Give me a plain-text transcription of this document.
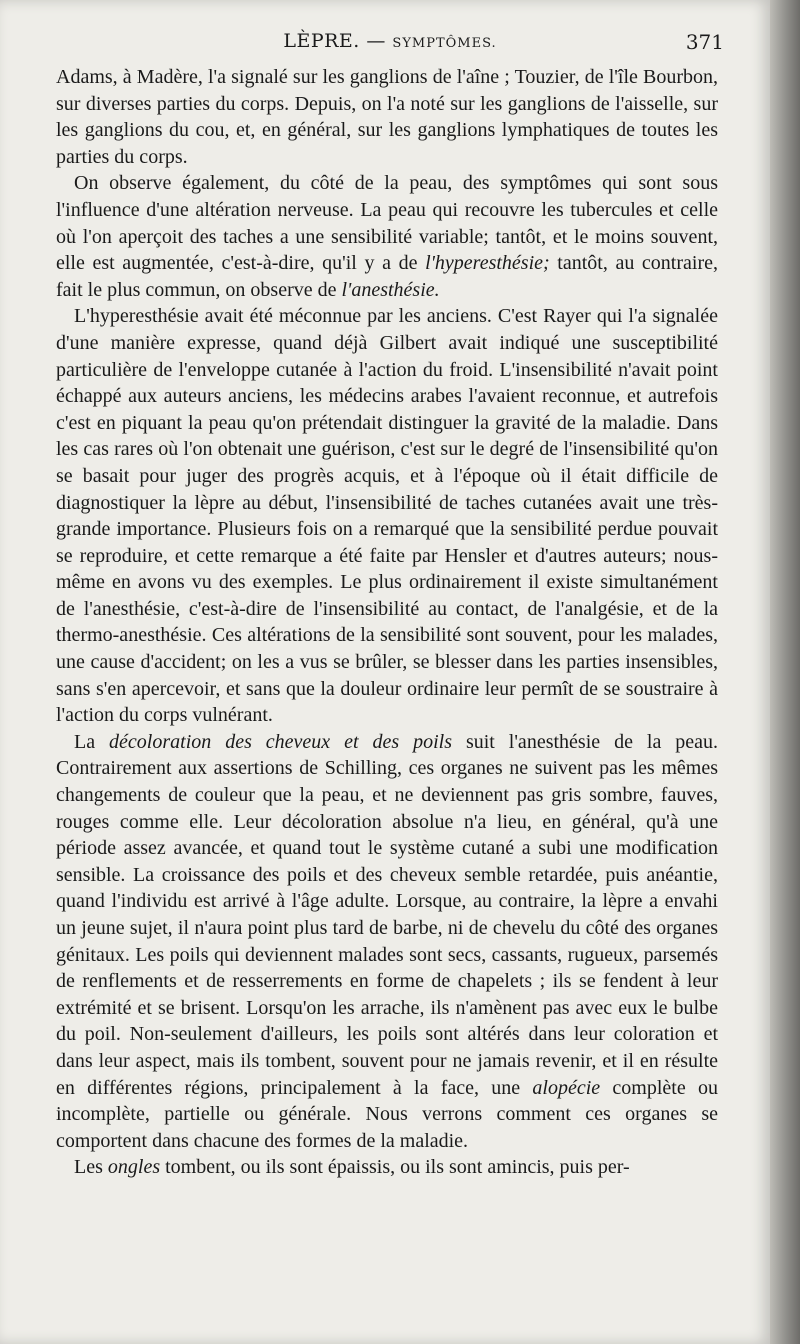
LÈPRE. — SYMPTÔMES.	371

Adams, à Madère, l'a signalé sur les ganglions de l'aîne ; Touzier, de l'île Bourbon, sur diverses parties du corps. Depuis, on l'a noté sur les ganglions de l'aisselle, sur les ganglions du cou, et, en général, sur les ganglions lymphatiques de toutes les parties du corps.

On observe également, du côté de la peau, des symptômes qui sont sous l'influence d'une altération nerveuse. La peau qui recouvre les tubercules et celle où l'on aperçoit des taches a une sensibilité variable; tantôt, et le moins souvent, elle est augmentée, c'est-à-dire, qu'il y a de l'hyperesthésie; tantôt, au contraire, fait le plus commun, on observe de l'anesthésie.

L'hyperesthésie avait été méconnue par les anciens. C'est Rayer qui l'a signalée d'une manière expresse, quand déjà Gilbert avait indiqué une susceptibilité particulière de l'enveloppe cutanée à l'action du froid. L'insensibilité n'avait point échappé aux auteurs anciens, les médecins arabes l'avaient reconnue, et autrefois c'est en piquant la peau qu'on prétendait distinguer la gravité de la maladie. Dans les cas rares où l'on obtenait une guérison, c'est sur le degré de l'insensibilité qu'on se basait pour juger des progrès acquis, et à l'époque où il était difficile de diagnostiquer la lèpre au début, l'insensibilité de taches cutanées avait une très-grande importance. Plusieurs fois on a remarqué que la sensibilité perdue pouvait se reproduire, et cette remarque a été faite par Hensler et d'autres auteurs; nous-même en avons vu des exemples. Le plus ordinairement il existe simultanément de l'anesthésie, c'est-à-dire de l'insensibilité au contact, de l'analgésie, et de la thermo-anesthésie. Ces altérations de la sensibilité sont souvent, pour les malades, une cause d'accident; on les a vus se brûler, se blesser dans les parties insensibles, sans s'en apercevoir, et sans que la douleur ordinaire leur permît de se soustraire à l'action du corps vulnérant.

La décoloration des cheveux et des poils suit l'anesthésie de la peau. Contrairement aux assertions de Schilling, ces organes ne suivent pas les mêmes changements de couleur que la peau, et ne deviennent pas gris sombre, fauves, rouges comme elle. Leur décoloration absolue n'a lieu, en général, qu'à une période assez avancée, et quand tout le système cutané a subi une modification sensible. La croissance des poils et des cheveux semble retardée, puis anéantie, quand l'individu est arrivé à l'âge adulte. Lorsque, au contraire, la lèpre a envahi un jeune sujet, il n'aura point plus tard de barbe, ni de chevelu du côté des organes génitaux. Les poils qui deviennent malades sont secs, cassants, rugueux, parsemés de renflements et de resserrements en forme de chapelets ; ils se fendent à leur extrémité et se brisent. Lorsqu'on les arrache, ils n'amènent pas avec eux le bulbe du poil. Non-seulement d'ailleurs, les poils sont altérés dans leur coloration et dans leur aspect, mais ils tombent, souvent pour ne jamais revenir, et il en résulte en différentes régions, principalement à la face, une alopécie complète ou incomplète, partielle ou générale. Nous verrons comment ces organes se comportent dans chacune des formes de la maladie.

Les ongles tombent, ou ils sont épaissis, ou ils sont amincis, puis per-
